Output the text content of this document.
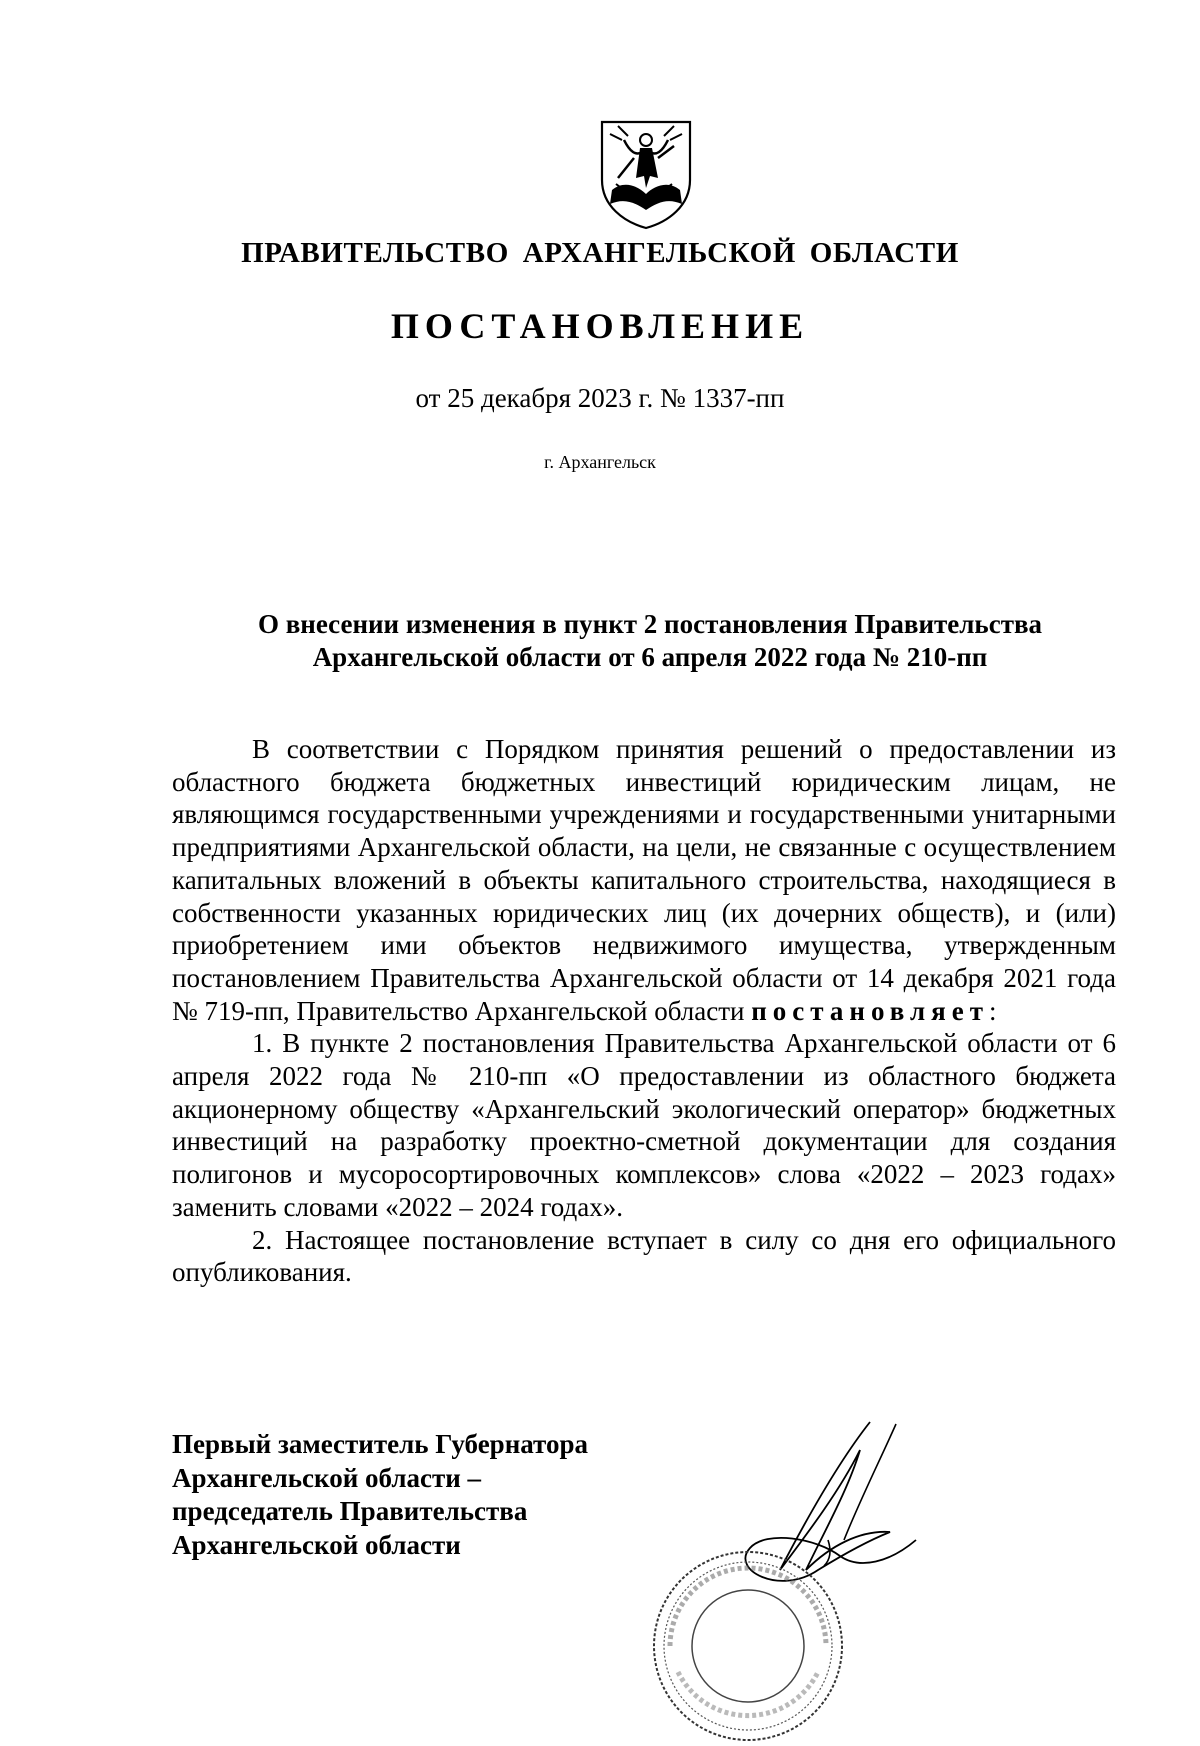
ПРАВИТЕЛЬСТВО АРХАНГЕЛЬСКОЙ ОБЛАСТИ
ПОСТАНОВЛЕНИЕ
от 25 декабря 2023 г. № 1337-пп
г. Архангельск
О внесении изменения в пункт 2 постановления Правительства
Архангельской области от 6 апреля 2022 года № 210-пп

В соответствии с Порядком принятия решений о предоставлении из областного бюджета бюджетных инвестиций юридическим лицам, не являющимся государственными учреждениями и государственными унитарными предприятиями Архангельской области, на цели, не связанные с осуществлением капитальных вложений в объекты капитального строительства, находящиеся в собственности указанных юридических лиц (их дочерних обществ), и (или) приобретением ими объектов недвижимого имущества, утвержденным постановлением Правительства Архангельской области от 14 декабря 2021 года № 719-пп, Правительство Архангельской области постановляет:

1. В пункте 2 постановления Правительства Архангельской области от 6 апреля 2022 года № 210-пп «О предоставлении из областного бюджета акционерному обществу «Архангельский экологический оператор» бюджетных инвестиций на разработку проектно-сметной документации для создания полигонов и мусоросортировочных комплексов» слова «2022 – 2023 годах» заменить словами «2022 – 2024 годах».

2. Настоящее постановление вступает в силу со дня его официального опубликования.

Первый заместитель Губернатора
Архангельской области –
председатель Правительства
Архангельской области
